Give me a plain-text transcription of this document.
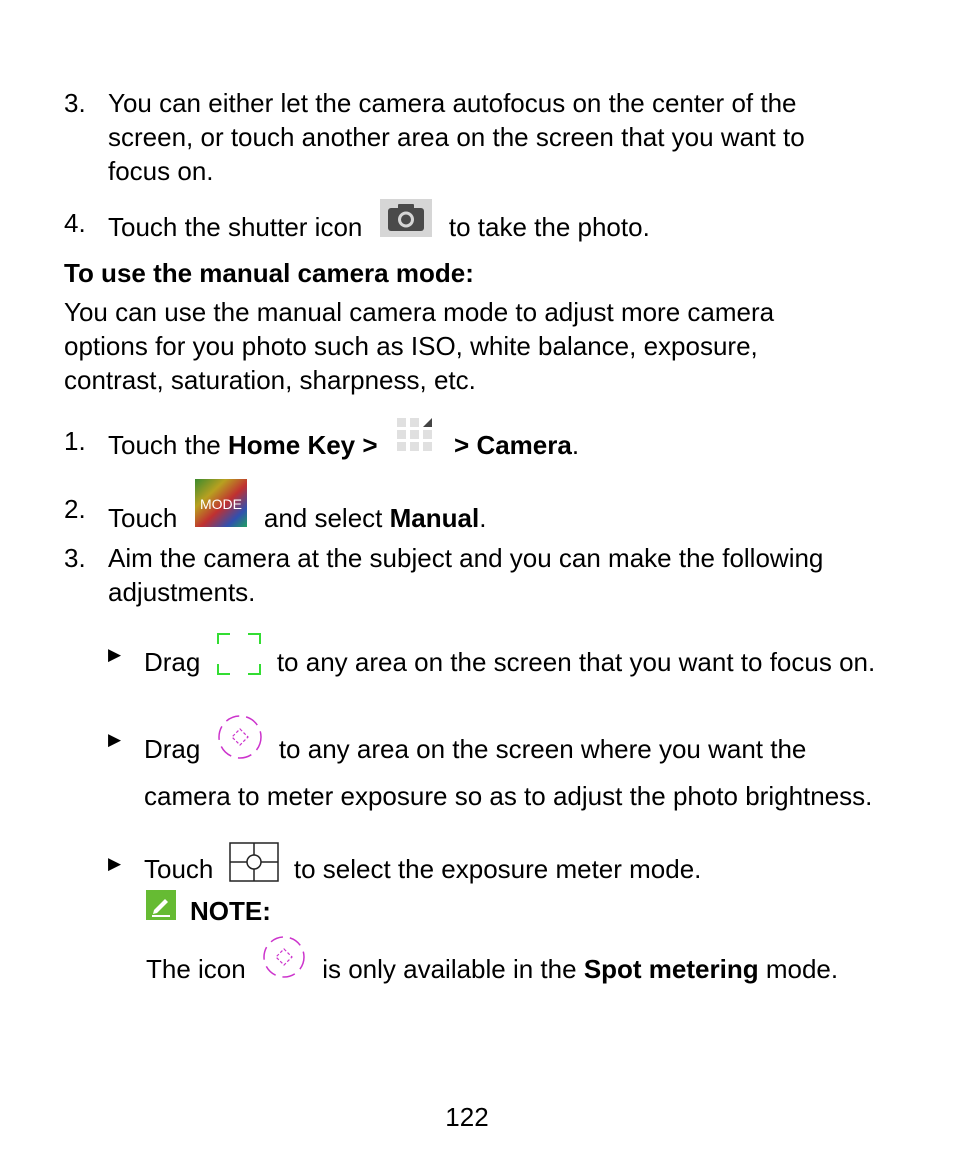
3. You can either let the camera autofocus on the center of the screen, or touch another area on the screen that you want to focus on.
4. Touch the shutter icon	to take the photo.
To use the manual camera mode:
You can use the manual camera mode to adjust more camera options for you photo such as ISO, white balance, exposure, contrast, saturation, sharpness, etc.
1. Touch the Home Key >	> Camera.
2. Touch MODE and select Manual.
3. Aim the camera at the subject and you can make the following adjustments.
▶ Drag	to any area on the screen that you want to focus on.
▶ Drag	to any area on the screen where you want the camera to meter exposure so as to adjust the photo brightness.
▶ Touch	to select the exposure meter mode.
NOTE:
The icon	is only available in the Spot metering mode.
122
